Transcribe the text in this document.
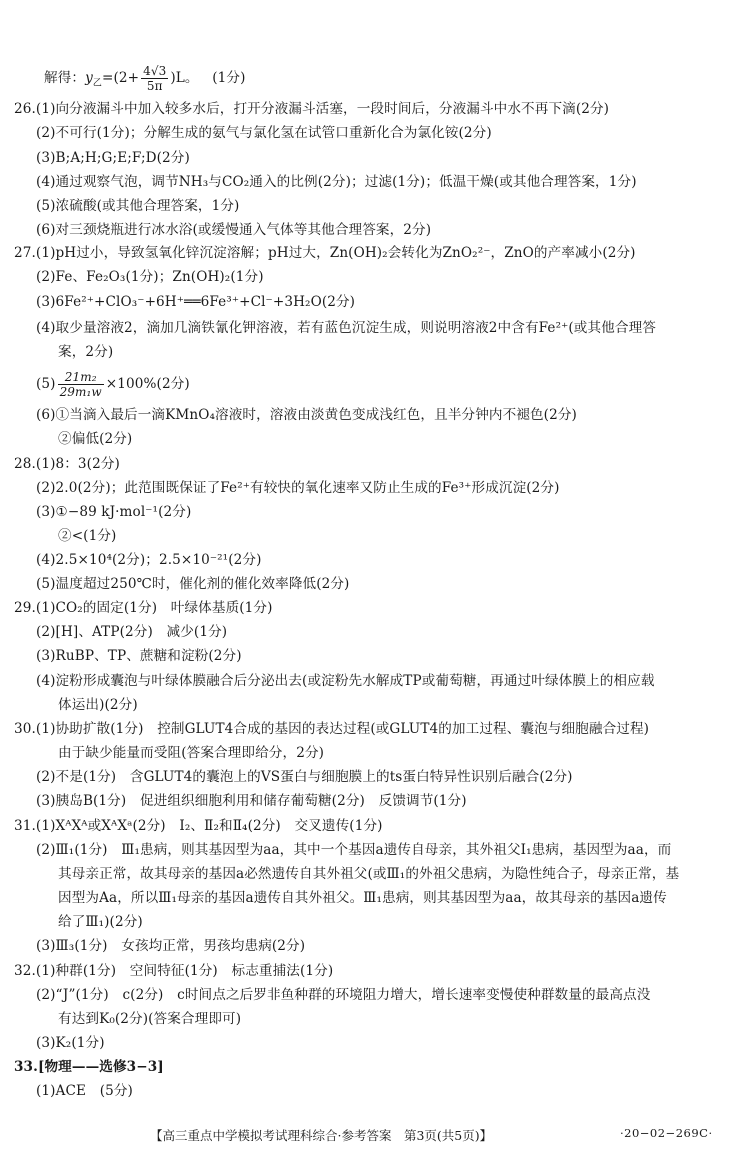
解得：$y_乙=(2+ \frac{4√3}{5\pi} )L$。  (1分)
26.(1)向分液漏斗中加入较多水后，打开分液漏斗活塞，一段时间后，分液漏斗中水不再下滴(2分)
(2)不可行(1分)；分解生成的氨气与氯化氢在试管口重新化合为氯化铵(2分)
(3)B;A;H;G;E;F;D(2分)
(4)通过观察气泡，调节NH₃与CO₂通入的比例(2分)；过滤(1分)；低温干燥(或其他合理答案，1分)
(5)浓硫酸(或其他合理答案，1分)
(6)对三颈烧瓶进行冰水浴(或缓慢通入气体等其他合理答案，2分)
27.(1)pH过小，导致氢氧化锌沉淀溶解；pH过大，Zn(OH)₂会转化为ZnO₂²⁻，ZnO的产率减小(2分)
(2)Fe、Fe₂O₃(1分)；Zn(OH)₂(1分)
(3)6Fe²⁺+ClO₃⁻+6H⁺══6Fe³⁺+Cl⁻+3H₂O(2分)
(4)取少量溶液2，滴加几滴铁氰化钾溶液，若有蓝色沉淀生成，则说明溶液2中含有Fe²⁺(或其他合理答
案，2分)
$(5) \frac{\text{21m₂}}{\text{29m₁w}} \times 100\%(2$分)
(6)①当滴入最后一滴KMnO₄溶液时，溶液由淡黄色变成浅红色，且半分钟内不褪色(2分)
②偏低(2分)
28.(1)8：3(2分)
(2)2.0(2分)；此范围既保证了Fe²⁺有较快的氧化速率又防止生成的Fe³⁺形成沉淀(2分)
(3)①−89 kJ·mol⁻¹(2分)
②<(1分)
(4)2.5×10⁴(2分)；2.5×10⁻²¹(2分)
(5)温度超过250℃时，催化剂的催化效率降低(2分)
29.(1)CO₂的固定(1分)　叶绿体基质(1分)
(2)[H]、ATP(2分)　减少(1分)
(3)RuBP、TP、蔗糖和淀粉(2分)
(4)淀粉形成囊泡与叶绿体膜融合后分泌出去(或淀粉先水解成TP或葡萄糖，再通过叶绿体膜上的相应载
体运出)(2分)
30.(1)协助扩散(1分)　控制GLUT4合成的基因的表达过程(或GLUT4的加工过程、囊泡与细胞融合过程)
由于缺少能量而受阻(答案合理即给分，2分)
(2)不是(1分)　含GLUT4的囊泡上的VS蛋白与细胞膜上的ts蛋白特异性识别后融合(2分)
(3)胰岛B(1分)　促进组织细胞利用和储存葡萄糖(2分)　反馈调节(1分)
31.(1)XᴬXᴬ或XᴬXᵃ(2分)　Ⅰ₂、Ⅱ₂和Ⅱ₄(2分)　交叉遗传(1分)
(2)Ⅲ₁(1分)　Ⅲ₁患病，则其基因型为aa，其中一个基因a遗传自母亲，其外祖父Ⅰ₁患病，基因型为aa，而
其母亲正常，故其母亲的基因a必然遗传自其外祖父(或Ⅲ₁的外祖父患病，为隐性纯合子，母亲正常，基
因型为Aa，所以Ⅲ₁母亲的基因a遗传自其外祖父。Ⅲ₁患病，则其基因型为aa，故其母亲的基因a遗传
给了Ⅲ₁)(2分)
(3)Ⅲ₃(1分)　女孩均正常，男孩均患病(2分)
32.(1)种群(1分)　空间特征(1分)　标志重捕法(1分)
(2)“J”(1分)　c(2分)　c时间点之后罗非鱼种群的环境阻力增大，增长速率变慢使种群数量的最高点没
有达到K₀(2分)(答案合理即可)
(3)K₂(1分)
33.[物理——选修3−3]
(1)ACE　(5分)
【高三重点中学模拟考试理科综合·参考答案　第3页(共5页)】	·20−02−269C·
